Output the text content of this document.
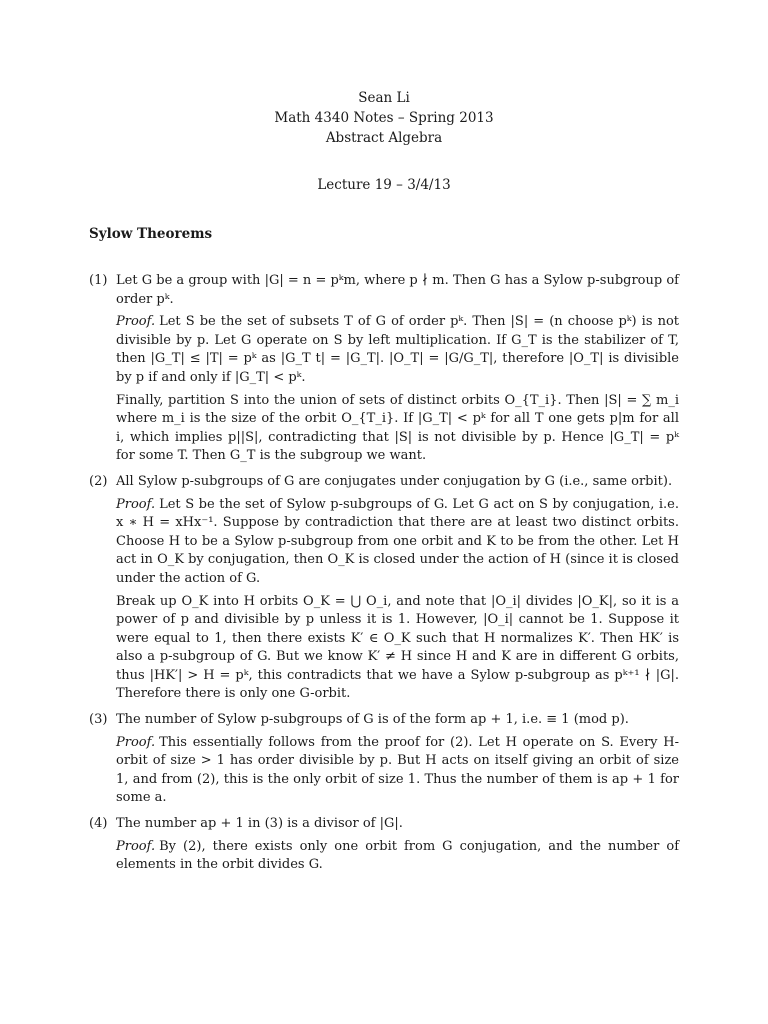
Sean Li
Math 4340 Notes – Spring 2013
Abstract Algebra
Lecture 19 – 3/4/13
Sylow Theorems
(1) Let G be a group with |G| = n = pᵏm, where p ∤ m. Then G has a Sylow p-subgroup of order pᵏ.

Proof. Let S be the set of subsets T of G of order pᵏ. Then |S| = (n choose pᵏ) is not divisible by p. Let G operate on S by left multiplication. If G_T is the stabilizer of T, then |G_T| ≤ |T| = pᵏ as |G_T t| = |G_T|. |O_T| = |G/G_T|, therefore |O_T| is divisible by p if and only if |G_T| < pᵏ.

Finally, partition S into the union of sets of distinct orbits O_{T_i}. Then |S| = ∑ m_i where m_i is the size of the orbit O_{T_i}. If |G_T| < pᵏ for all T one gets p|m for all i, which implies p||S|, contradicting that |S| is not divisible by p. Hence |G_T| = pᵏ for some T. Then G_T is the subgroup we want.

(2) All Sylow p-subgroups of G are conjugates under conjugation by G (i.e., same orbit).

Proof. Let S be the set of Sylow p-subgroups of G. Let G act on S by conjugation, i.e. x ∗ H = xHx⁻¹. Suppose by contradiction that there are at least two distinct orbits. Choose H to be a Sylow p-subgroup from one orbit and K to be from the other. Let H act in O_K by conjugation, then O_K is closed under the action of H (since it is closed under the action of G.

Break up O_K into H orbits O_K = ⋃ O_i, and note that |O_i| divides |O_K|, so it is a power of p and divisible by p unless it is 1. However, |O_i| cannot be 1. Suppose it were equal to 1, then there exists K′ ∈ O_K such that H normalizes K′. Then HK′ is also a p-subgroup of G. But we know K′ ≠ H since H and K are in different G orbits, thus |HK′| > H = pᵏ, this contradicts that we have a Sylow p-subgroup as pᵏ⁺¹ ∤ |G|. Therefore there is only one G-orbit.

(3) The number of Sylow p-subgroups of G is of the form ap + 1, i.e. ≡ 1 (mod p).

Proof. This essentially follows from the proof for (2). Let H operate on S. Every H-orbit of size > 1 has order divisible by p. But H acts on itself giving an orbit of size 1, and from (2), this is the only orbit of size 1. Thus the number of them is ap + 1 for some a.

(4) The number ap + 1 in (3) is a divisor of |G|.

Proof. By (2), there exists only one orbit from G conjugation, and the number of elements in the orbit divides G.
